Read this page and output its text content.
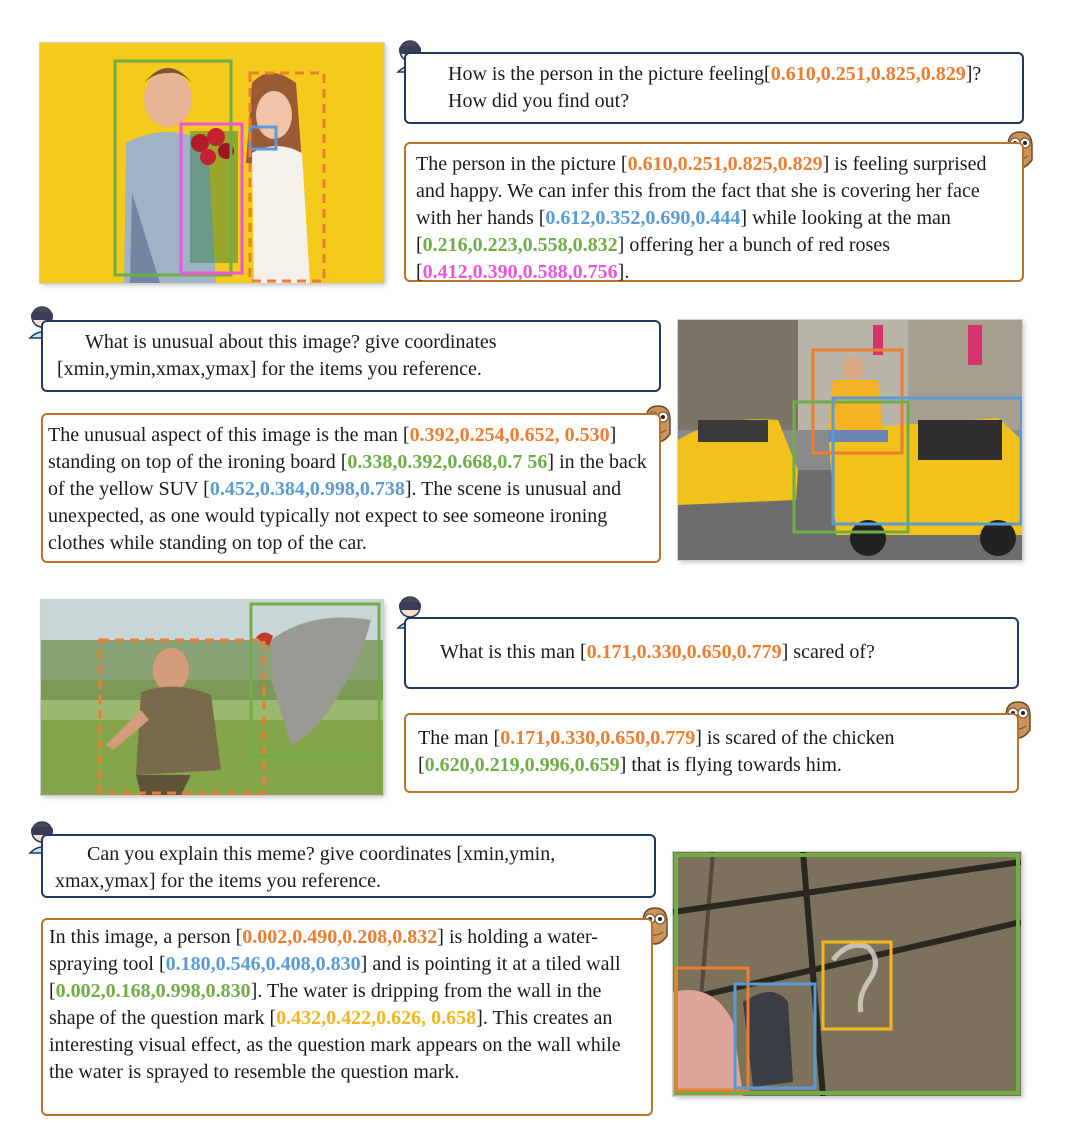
How is the person in the picture feeling[0.610,0.251,0.825,0.829]? How did you find out?
The person in the picture [0.610,0.251,0.825,0.829] is feeling surprised and happy. We can infer this from the fact that she is covering her face with her hands [0.612,0.352,0.690,0.444] while looking at the man [0.216,0.223,0.558,0.832] offering her a bunch of red roses [0.412,0.390,0.588,0.756].
What is unusual about this image? give coordinates [xmin,ymin,xmax,ymax] for the items you reference.
The unusual aspect of this image is the man [0.392,0.254,0.652, 0.530] standing on top of the ironing board [0.338,0.392,0.668,0.7 56] in the back of the yellow SUV [0.452,0.384,0.998,0.738]. The scene is unusual and unexpected, as one would typically not expect to see someone ironing clothes while standing on top of the car.
What is this man [0.171,0.330,0.650,0.779] scared of?
The man [0.171,0.330,0.650,0.779] is scared of the chicken [0.620,0.219,0.996,0.659] that is flying towards him.
Can you explain this meme? give coordinates [xmin,ymin, xmax,ymax] for the items you reference.
In this image, a person [0.002,0.490,0.208,0.832] is holding a water-spraying tool [0.180,0.546,0.408,0.830] and is pointing it at a tiled wall [0.002,0.168,0.998,0.830]. The water is dripping from the wall in the shape of the question mark [0.432,0.422,0.626, 0.658]. This creates an interesting visual effect, as the question mark appears on the wall while the water is sprayed to resemble the question mark.
